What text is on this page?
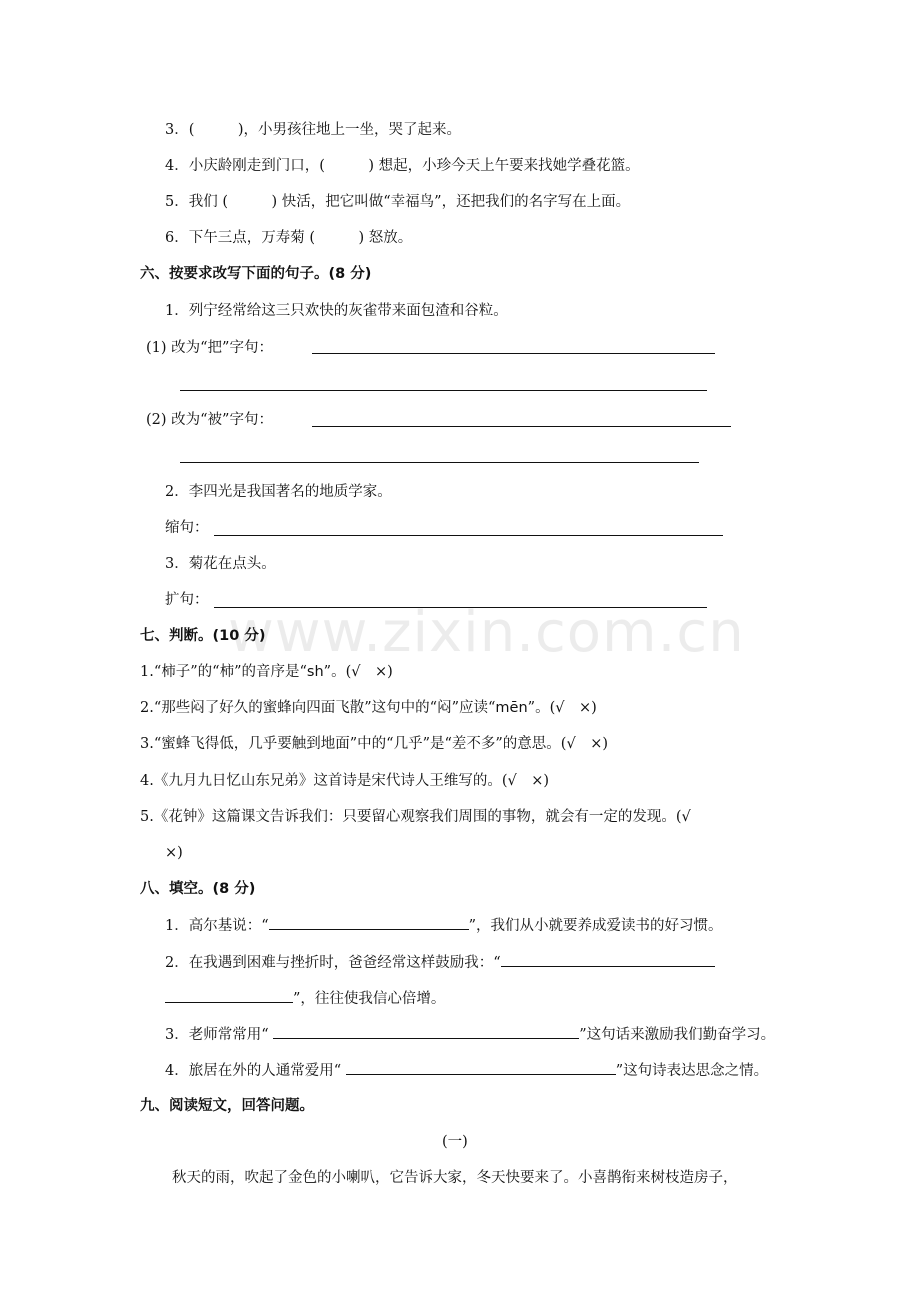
www.zixin.com.cn
3．(　　　)，小男孩往地上一坐，哭了起来。
4．小庆龄刚走到门口，(　　　) 想起，小珍今天上午要来找她学叠花篮。
5．我们 (　　　) 快活，把它叫做“幸福鸟”，还把我们的名字写在上面。
6．下午三点，万寿菊 (　　　) 怒放。
六、按要求改写下面的句子。(8 分)
1．列宁经常给这三只欢快的灰雀带来面包渣和谷粒。
(1) 改为“把”字句：
(2) 改为“被”字句：
2．李四光是我国著名的地质学家。
缩句：
3．菊花在点头。
扩句：
七、判断。(10 分)
1.“柿子”的“柿”的音序是“sh”。(√　×)
2.“那些闷了好久的蜜蜂向四面飞散”这句中的“闷”应读“mēn”。(√　×)
3.“蜜蜂飞得低，几乎要触到地面”中的“几乎”是“差不多”的意思。(√　×)
4.《九月九日忆山东兄弟》这首诗是宋代诗人王维写的。(√　×)
5.《花钟》这篇课文告诉我们：只要留心观察我们周围的事物，就会有一定的发现。(√
×)
八、填空。(8 分)
1．高尔基说：“	”，我们从小就要养成爱读书的好习惯。
2．在我遇到困难与挫折时，爸爸经常这样鼓励我：“
”，往往使我信心倍增。
3．老师常常用“	”这句话来激励我们勤奋学习。
4．旅居在外的人通常爱用“	”这句诗表达思念之情。
九、阅读短文，回答问题。
(一)
秋天的雨，吹起了金色的小喇叭，它告诉大家，冬天快要来了。小喜鹊衔来树枝造房子，
